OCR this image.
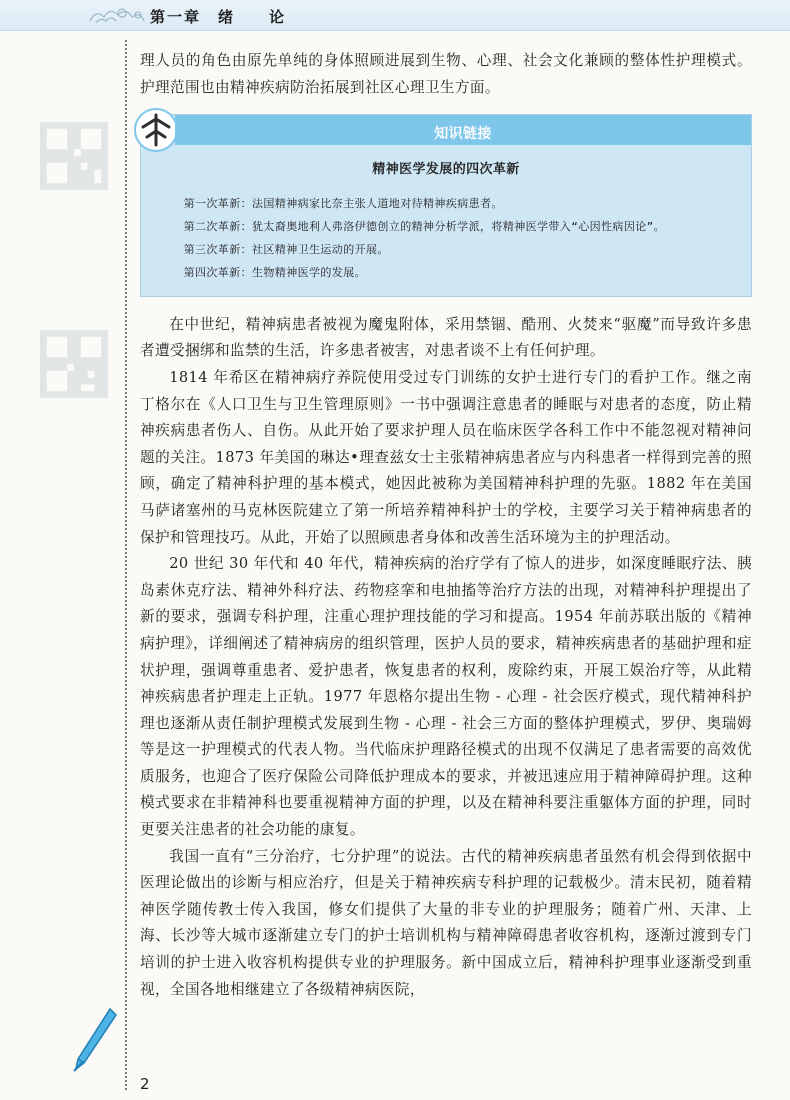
第一章　绪　　论

理人员的角色由原先单纯的身体照顾进展到生物、心理、社会文化兼顾的整体性护理模式。护理范围也由精神疾病防治拓展到社区心理卫生方面。

知识链接
精神医学发展的四次革新

第一次革新：法国精神病家比奈主张人道地对待精神疾病患者。

第二次革新：犹太裔奥地利人弗洛伊德创立的精神分析学派，将精神医学带入“心因性病因论”。

第三次革新：社区精神卫生运动的开展。

第四次革新：生物精神医学的发展。

在中世纪，精神病患者被视为魔鬼附体，采用禁锢、酷刑、火焚来“驱魔”而导致许多患者遭受捆绑和监禁的生活，许多患者被害，对患者谈不上有任何护理。

1814 年希区在精神病疗养院使用受过专门训练的女护士进行专门的看护工作。继之南丁格尔在《人口卫生与卫生管理原则》一书中强调注意患者的睡眠与对患者的态度，防止精神疾病患者伤人、自伤。从此开始了要求护理人员在临床医学各科工作中不能忽视对精神问题的关注。1873 年美国的琳达•理查兹女士主张精神病患者应与内科患者一样得到完善的照顾，确定了精神科护理的基本模式，她因此被称为美国精神科护理的先驱。1882 年在美国马萨诸塞州的马克林医院建立了第一所培养精神科护士的学校，主要学习关于精神病患者的保护和管理技巧。从此，开始了以照顾患者身体和改善生活环境为主的护理活动。

20 世纪 30 年代和 40 年代，精神疾病的治疗学有了惊人的进步，如深度睡眠疗法、胰岛素休克疗法、精神外科疗法、药物痉挛和电抽搐等治疗方法的出现，对精神科护理提出了新的要求，强调专科护理，注重心理护理技能的学习和提高。1954 年前苏联出版的《精神病护理》，详细阐述了精神病房的组织管理，医护人员的要求，精神疾病患者的基础护理和症状护理，强调尊重患者、爱护患者，恢复患者的权利，废除约束，开展工娱治疗等，从此精神疾病患者护理走上正轨。1977 年恩格尔提出生物 - 心理 - 社会医疗模式，现代精神科护理也逐渐从责任制护理模式发展到生物 - 心理 - 社会三方面的整体护理模式，罗伊、奥瑞姆等是这一护理模式的代表人物。当代临床护理路径模式的出现不仅满足了患者需要的高效优质服务，也迎合了医疗保险公司降低护理成本的要求，并被迅速应用于精神障碍护理。这种模式要求在非精神科也要重视精神方面的护理，以及在精神科要注重躯体方面的护理，同时更要关注患者的社会功能的康复。

我国一直有“三分治疗，七分护理”的说法。古代的精神疾病患者虽然有机会得到依据中医理论做出的诊断与相应治疗，但是关于精神疾病专科护理的记载极少。清末民初，随着精神医学随传教士传入我国，修女们提供了大量的非专业的护理服务；随着广州、天津、上海、长沙等大城市逐渐建立专门的护士培训机构与精神障碍患者收容机构，逐渐过渡到专门培训的护士进入收容机构提供专业的护理服务。新中国成立后，精神科护理事业逐渐受到重视，全国各地相继建立了各级精神病医院，

2
